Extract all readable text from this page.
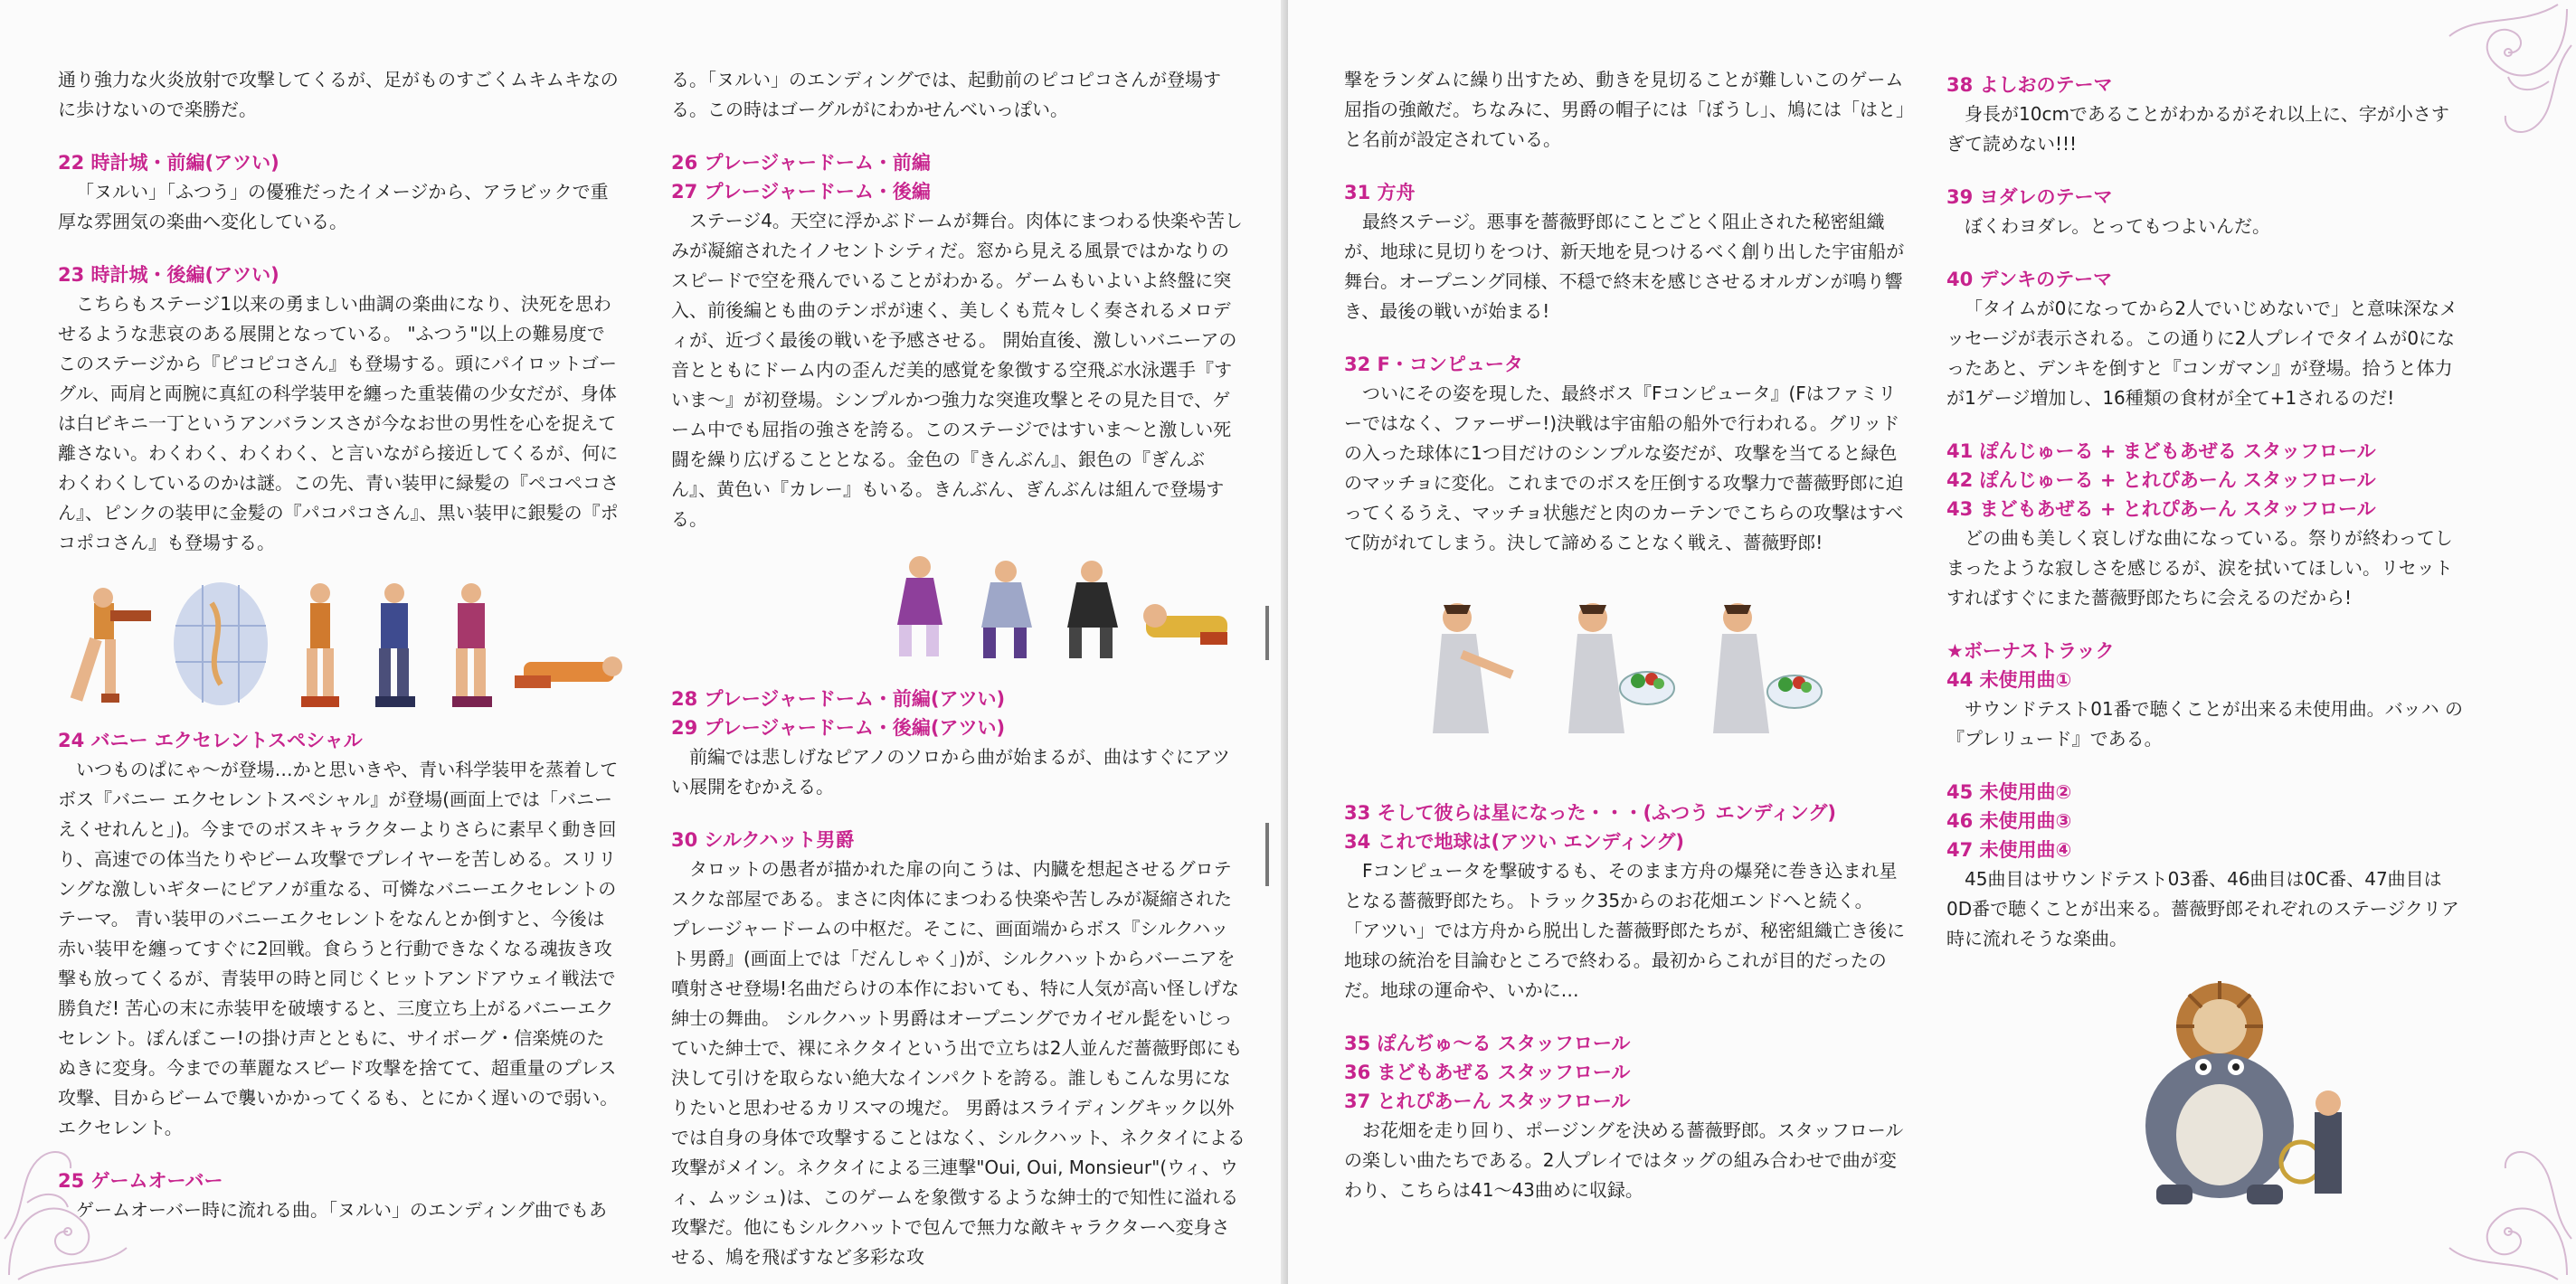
通り強力な火炎放射で攻撃してくるが、足がものすごくムキムキなのに歩けないので楽勝だ。

22 時計城・前編(アツい)

「ヌルい」「ふつう」の優雅だったイメージから、アラビックで重厚な雰囲気の楽曲へ変化している。

23 時計城・後編(アツい)

こちらもステージ1以来の勇ましい曲調の楽曲になり、決死を思わせるような悲哀のある展開となっている。 "ふつう"以上の難易度でこのステージから『ピコピコさん』も登場する。頭にパイロットゴーグル、両肩と両腕に真紅の科学装甲を纏った重装備の少女だが、身体は白ビキニ一丁というアンバランスさが今なお世の男性を心を捉えて離さない。わくわく、わくわく、と言いながら接近してくるが、何にわくわくしているのかは謎。この先、青い装甲に緑髪の『ペコペコさん』、ピンクの装甲に金髪の『パコパコさん』、黒い装甲に銀髪の『ポコポコさん』も登場する。

24 バニー エクセレントスペシャル

いつものぱにゃ〜が登場…かと思いきや、青い科学装甲を蒸着して ボス『バニー エクセレントスペシャル』が登場(画面上では「バニーえくせれんと」)。今までのボスキャラクターよりさらに素早く動き回り、高速での体当たりやビーム攻撃でプレイヤーを苦しめる。スリリングな激しいギターにピアノが重なる、可憐なバニーエクセレントのテーマ。 青い装甲のバニーエクセレントをなんとか倒すと、今後は赤い装甲を纏ってすぐに2回戦。食らうと行動できなくなる魂抜き攻撃も放ってくるが、青装甲の時と同じくヒットアンドアウェイ戦法で勝負だ! 苦心の末に赤装甲を破壊すると、三度立ち上がるバニーエクセレント。ぽんぽこー!の掛け声とともに、サイボーグ・信楽焼のたぬきに変身。今までの華麗なスピード攻撃を捨てて、超重量のプレス攻撃、目からビームで襲いかかってくるも、とにかく遅いので弱い。エクセレント。

25 ゲームオーバー

ゲームオーバー時に流れる曲。「ヌルい」のエンディング曲でもあ

る。「ヌルい」のエンディングでは、起動前のピコピコさんが登場する。この時はゴーグルがにわかせんべいっぽい。

26 プレージャードーム・前編
27 プレージャードーム・後編

ステージ4。天空に浮かぶドームが舞台。肉体にまつわる快楽や苦しみが凝縮されたイノセントシティだ。窓から見える風景ではかなりのスピードで空を飛んでいることがわかる。ゲームもいよいよ終盤に突入、前後編とも曲のテンポが速く、美しくも荒々しく奏されるメロディが、近づく最後の戦いを予感させる。 開始直後、激しいバニーアの音とともにドーム内の歪んだ美的感覚を象徴する空飛ぶ水泳選手『すいま〜』が初登場。シンプルかつ強力な突進攻撃とその見た目で、ゲーム中でも屈指の強さを誇る。このステージではすいま〜と激しい死闘を繰り広げることとなる。金色の『きんぶん』、銀色の『ぎんぶん』、黄色い『カレー』もいる。きんぶん、ぎんぶんは組んで登場する。

28 プレージャードーム・前編(アツい)
29 プレージャードーム・後編(アツい)

前編では悲しげなピアノのソロから曲が始まるが、曲はすぐにアツい展開をむかえる。

30 シルクハット男爵

タロットの愚者が描かれた扉の向こうは、内臓を想起させるグロテスクな部屋である。まさに肉体にまつわる快楽や苦しみが凝縮されたプレージャードームの中枢だ。そこに、画面端からボス『シルクハット男爵』(画面上では「だんしゃく」)が、シルクハットからバーニアを噴射させ登場!名曲だらけの本作においても、特に人気が高い怪しげな紳士の舞曲。 シルクハット男爵はオープニングでカイゼル髭をいじっていた紳士で、裸にネクタイという出で立ちは2人並んだ薔薇野郎にも決して引けを取らない絶大なインパクトを誇る。誰しもこんな男になりたいと思わせるカリスマの塊だ。 男爵はスライディングキック以外では自身の身体で攻撃することはなく、シルクハット、ネクタイによる攻撃がメイン。ネクタイによる三連撃"Oui, Oui, Monsieur"(ウィ、ウィ、ムッシュ)は、このゲームを象徴するような紳士的で知性に溢れる攻撃だ。他にもシルクハットで包んで無力な敵キャラクターへ変身させる、鳩を飛ばすなど多彩な攻

撃をランダムに繰り出すため、動きを見切ることが難しいこのゲーム屈指の強敵だ。ちなみに、男爵の帽子には「ぼうし」、鳩には「はと」と名前が設定されている。

31 方舟

最終ステージ。悪事を薔薇野郎にことごとく阻止された秘密組織が、地球に見切りをつけ、新天地を見つけるべく創り出した宇宙船が舞台。オープニング同様、不穏で終末を感じさせるオルガンが鳴り響き、最後の戦いが始まる!

32 F・コンピュータ

ついにその姿を現した、最終ボス『Fコンピュータ』(Fはファミリーではなく、ファーザー!)決戦は宇宙船の船外で行われる。グリッドの入った球体に1つ目だけのシンプルな姿だが、攻撃を当てると緑色のマッチョに変化。これまでのボスを圧倒する攻撃力で薔薇野郎に迫ってくるうえ、マッチョ状態だと肉のカーテンでこちらの攻撃はすべて防がれてしまう。決して諦めることなく戦え、薔薇野郎!

33 そして彼らは星になった・・・(ふつう エンディング)
34 これで地球は(アツい エンディング)

Fコンピュータを撃破するも、そのまま方舟の爆発に巻き込まれ星となる薔薇野郎たち。トラック35からのお花畑エンドへと続く。 「アツい」では方舟から脱出した薔薇野郎たちが、秘密組織亡き後に地球の統治を目論むところで終わる。最初からこれが目的だったのだ。地球の運命や、いかに…

35 ぽんぢゅ〜る スタッフロール
36 まどもあぜる スタッフロール
37 とれぴあーん スタッフロール

お花畑を走り回り、ポージングを決める薔薇野郎。スタッフロールの楽しい曲たちである。2人プレイではタッグの組み合わせで曲が変わり、こちらは41〜43曲めに収録。

38 よしおのテーマ

身長が10cmであることがわかるがそれ以上に、字が小さすぎて読めない!!!

39 ヨダレのテーマ

ぼくわヨダレ。とってもつよいんだ。

40 デンキのテーマ

「タイムが0になってから2人でいじめないで」と意味深なメッセージが表示される。この通りに2人プレイでタイムが0になったあと、デンキを倒すと『コンガマン』が登場。拾うと体力が1ゲージ増加し、16種類の食材が全て+1されるのだ!

41 ぽんじゅーる + まどもあぜる スタッフロール
42 ぽんじゅーる + とれぴあーん スタッフロール
43 まどもあぜる + とれぴあーん スタッフロール

どの曲も美しく哀しげな曲になっている。祭りが終わってしまったような寂しさを感じるが、涙を拭いてほしい。リセットすればすぐにまた薔薇野郎たちに会えるのだから!

★ボーナストラック
44 未使用曲①

サウンドテスト01番で聴くことが出来る未使用曲。バッハ の『プレリュード』である。

45 未使用曲②
46 未使用曲③
47 未使用曲④

45曲目はサウンドテスト03番、46曲目は0C番、47曲目は0D番で聴くことが出来る。薔薇野郎それぞれのステージクリア時に流れそうな楽曲。
